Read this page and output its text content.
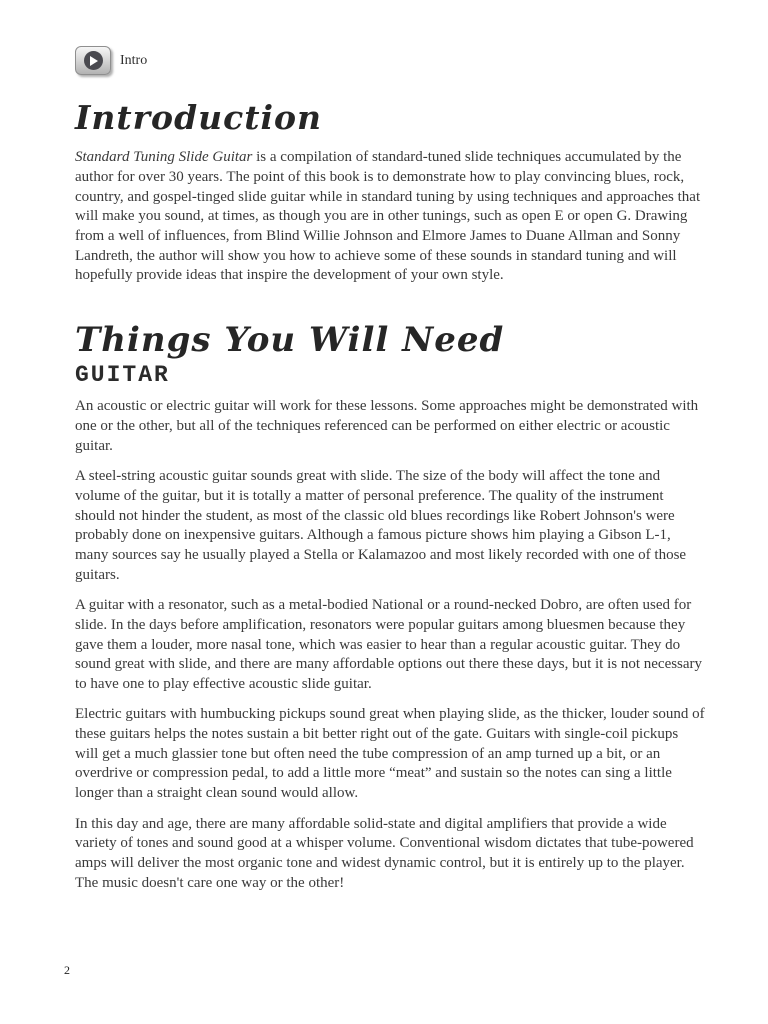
Intro
Introduction

Standard Tuning Slide Guitar is a compilation of standard-tuned slide techniques accumulated by the author for over 30 years. The point of this book is to demonstrate how to play convincing blues, rock, country, and gospel-tinged slide guitar while in standard tuning by using techniques and approaches that will make you sound, at times, as though you are in other tunings, such as open E or open G. Drawing from a well of influences, from Blind Willie Johnson and Elmore James to Duane Allman and Sonny Landreth, the author will show you how to achieve some of these sounds in standard tuning and will hopefully provide ideas that inspire the development of your own style.

Things You Will Need
GUITAR

An acoustic or electric guitar will work for these lessons. Some approaches might be demonstrated with one or the other, but all of the techniques referenced can be performed on either electric or acoustic guitar.

A steel-string acoustic guitar sounds great with slide. The size of the body will affect the tone and volume of the guitar, but it is totally a matter of personal preference. The quality of the instrument should not hinder the student, as most of the classic old blues recordings like Robert Johnson's were probably done on inexpensive guitars. Although a famous picture shows him playing a Gibson L-1, many sources say he usually played a Stella or Kalamazoo and most likely recorded with one of those guitars.

A guitar with a resonator, such as a metal-bodied National or a round-necked Dobro, are often used for slide. In the days before amplification, resonators were popular guitars among bluesmen because they gave them a louder, more nasal tone, which was easier to hear than a regular acoustic guitar. They do sound great with slide, and there are many affordable options out there these days, but it is not necessary to have one to play effective acoustic slide guitar.

Electric guitars with humbucking pickups sound great when playing slide, as the thicker, louder sound of these guitars helps the notes sustain a bit better right out of the gate. Guitars with single-coil pickups will get a much glassier tone but often need the tube compression of an amp turned up a bit, or an overdrive or compression pedal, to add a little more “meat” and sustain so the notes can sing a little longer than a straight clean sound would allow.

In this day and age, there are many affordable solid-state and digital amplifiers that provide a wide variety of tones and sound good at a whisper volume. Conventional wisdom dictates that tube-powered amps will deliver the most organic tone and widest dynamic control, but it is entirely up to the player. The music doesn't care one way or the other!

2
